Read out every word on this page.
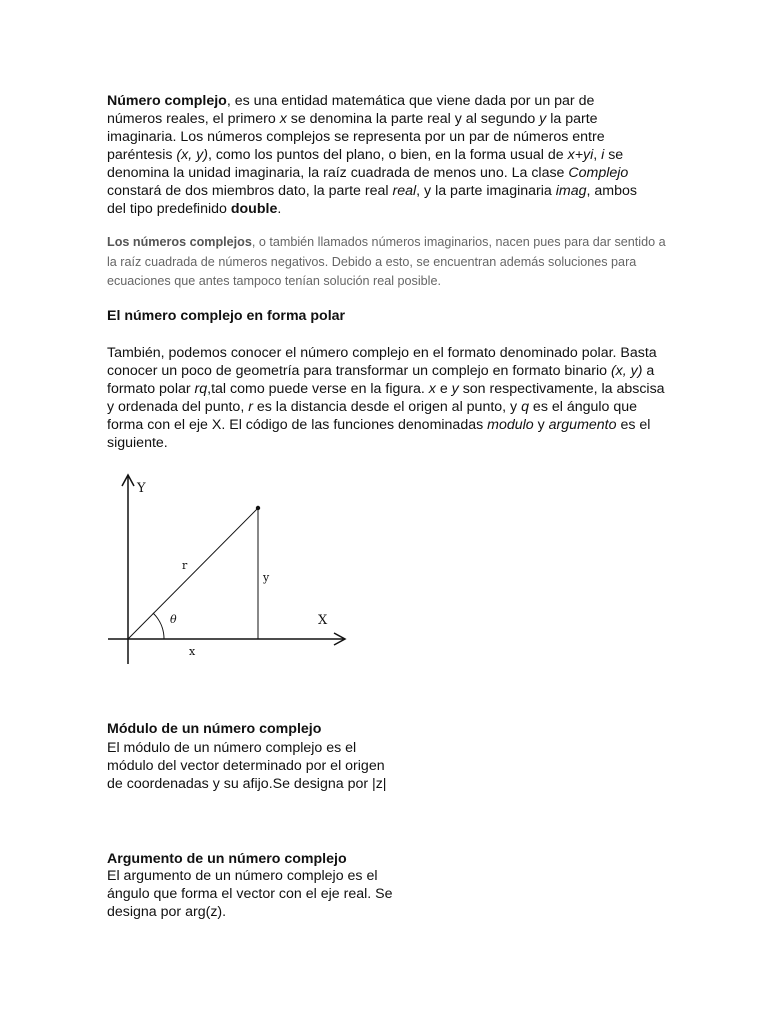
Número complejo, es una entidad matemática que viene dada por un par de números reales, el primero x se denomina la parte real y al segundo y la parte imaginaria. Los números complejos se representa por un par de números entre paréntesis (x, y), como los puntos del plano, o bien, en la forma usual de x+yi, i se denomina la unidad imaginaria, la raíz cuadrada de menos uno. La clase Complejo constará de dos miembros dato, la parte real real, y la parte imaginaria imag, ambos del tipo predefinido double.

Los números complejos, o también llamados números imaginarios, nacen pues para dar sentido a la raíz cuadrada de números negativos. Debido a esto, se encuentran además soluciones para ecuaciones que antes tampoco tenían solución real posible.

El número complejo en forma polar

También, podemos conocer el número complejo en el formato denominado polar. Basta conocer un poco de geometría para transformar un complejo en formato binario (x, y) a formato polar rq,tal como puede verse en la figura. x e y son respectivamente, la abscisa y ordenada del punto, r es la distancia desde el origen al punto, y q es el ángulo que forma con el eje X. El código de las funciones denominadas modulo y argumento es el siguiente.

Y
X
r
y
x
θ

Módulo de un número complejo

El módulo de un número complejo es el módulo del vector determinado por el origen de coordenadas y su afijo.Se designa por |z|

Argumento de un número complejo

El argumento de un número complejo es el ángulo que forma el vector con el eje real. Se designa por arg(z).
